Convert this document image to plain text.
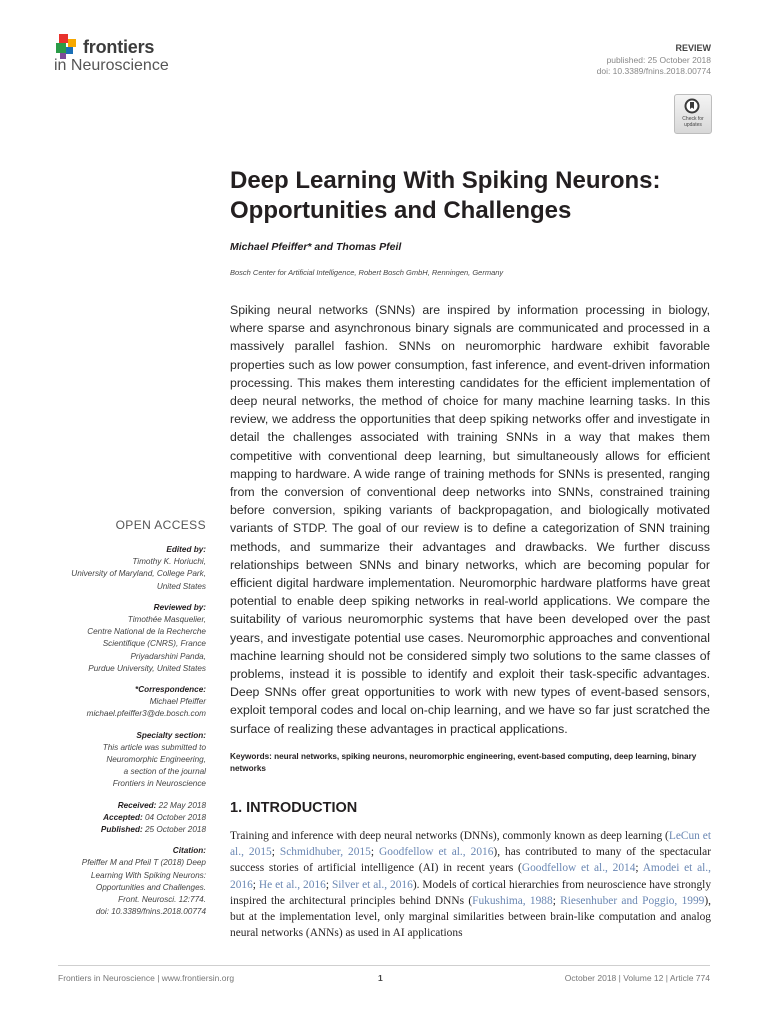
frontiers
in Neuroscience
REVIEW
published: 25 October 2018
doi: 10.3389/fnins.2018.00774
Check for updates
Deep Learning With Spiking Neurons: Opportunities and Challenges
Michael Pfeiffer* and Thomas Pfeil
Bosch Center for Artificial Intelligence, Robert Bosch GmbH, Renningen, Germany

Spiking neural networks (SNNs) are inspired by information processing in biology, where sparse and asynchronous binary signals are communicated and processed in a massively parallel fashion. SNNs on neuromorphic hardware exhibit favorable properties such as low power consumption, fast inference, and event-driven information processing. This makes them interesting candidates for the efficient implementation of deep neural networks, the method of choice for many machine learning tasks. In this review, we address the opportunities that deep spiking networks offer and investigate in detail the challenges associated with training SNNs in a way that makes them competitive with conventional deep learning, but simultaneously allows for efficient mapping to hardware. A wide range of training methods for SNNs is presented, ranging from the conversion of conventional deep networks into SNNs, constrained training before conversion, spiking variants of backpropagation, and biologically motivated variants of STDP. The goal of our review is to define a categorization of SNN training methods, and summarize their advantages and drawbacks. We further discuss relationships between SNNs and binary networks, which are becoming popular for efficient digital hardware implementation. Neuromorphic hardware platforms have great potential to enable deep spiking networks in real-world applications. We compare the suitability of various neuromorphic systems that have been developed over the past years, and investigate potential use cases. Neuromorphic approaches and conventional machine learning should not be considered simply two solutions to the same classes of problems, instead it is possible to identify and exploit their task-specific advantages. Deep SNNs offer great opportunities to work with new types of event-based sensors, exploit temporal codes and local on-chip learning, and we have so far just scratched the surface of realizing these advantages in practical applications.

Keywords: neural networks, spiking neurons, neuromorphic engineering, event-based computing, deep learning, binary networks
1. INTRODUCTION

Training and inference with deep neural networks (DNNs), commonly known as deep learning (LeCun et al., 2015; Schmidhuber, 2015; Goodfellow et al., 2016), has contributed to many of the spectacular success stories of artificial intelligence (AI) in recent years (Goodfellow et al., 2014; Amodei et al., 2016; He et al., 2016; Silver et al., 2016). Models of cortical hierarchies from neuroscience have strongly inspired the architectural principles behind DNNs (Fukushima, 1988; Riesenhuber and Poggio, 1999), but at the implementation level, only marginal similarities between brain-like computation and analog neural networks (ANNs) as used in AI applications

OPEN ACCESS
Edited by:
Timothy K. Horiuchi,
University of Maryland, College Park,
United States
Reviewed by:
Timothée Masquelier,
Centre National de la Recherche
Scientifique (CNRS), France
Priyadarshini Panda,
Purdue University, United States
*Correspondence:
Michael Pfeiffer
michael.pfeiffer3@de.bosch.com
Specialty section:
This article was submitted to
Neuromorphic Engineering,
a section of the journal
Frontiers in Neuroscience
Received: 22 May 2018
Accepted: 04 October 2018
Published: 25 October 2018
Citation:
Pfeiffer M and Pfeil T (2018) Deep
Learning With Spiking Neurons:
Opportunities and Challenges.
Front. Neurosci. 12:774.
doi: 10.3389/fnins.2018.00774
Frontiers in Neuroscience | www.frontiersin.org	1	October 2018 | Volume 12 | Article 774
